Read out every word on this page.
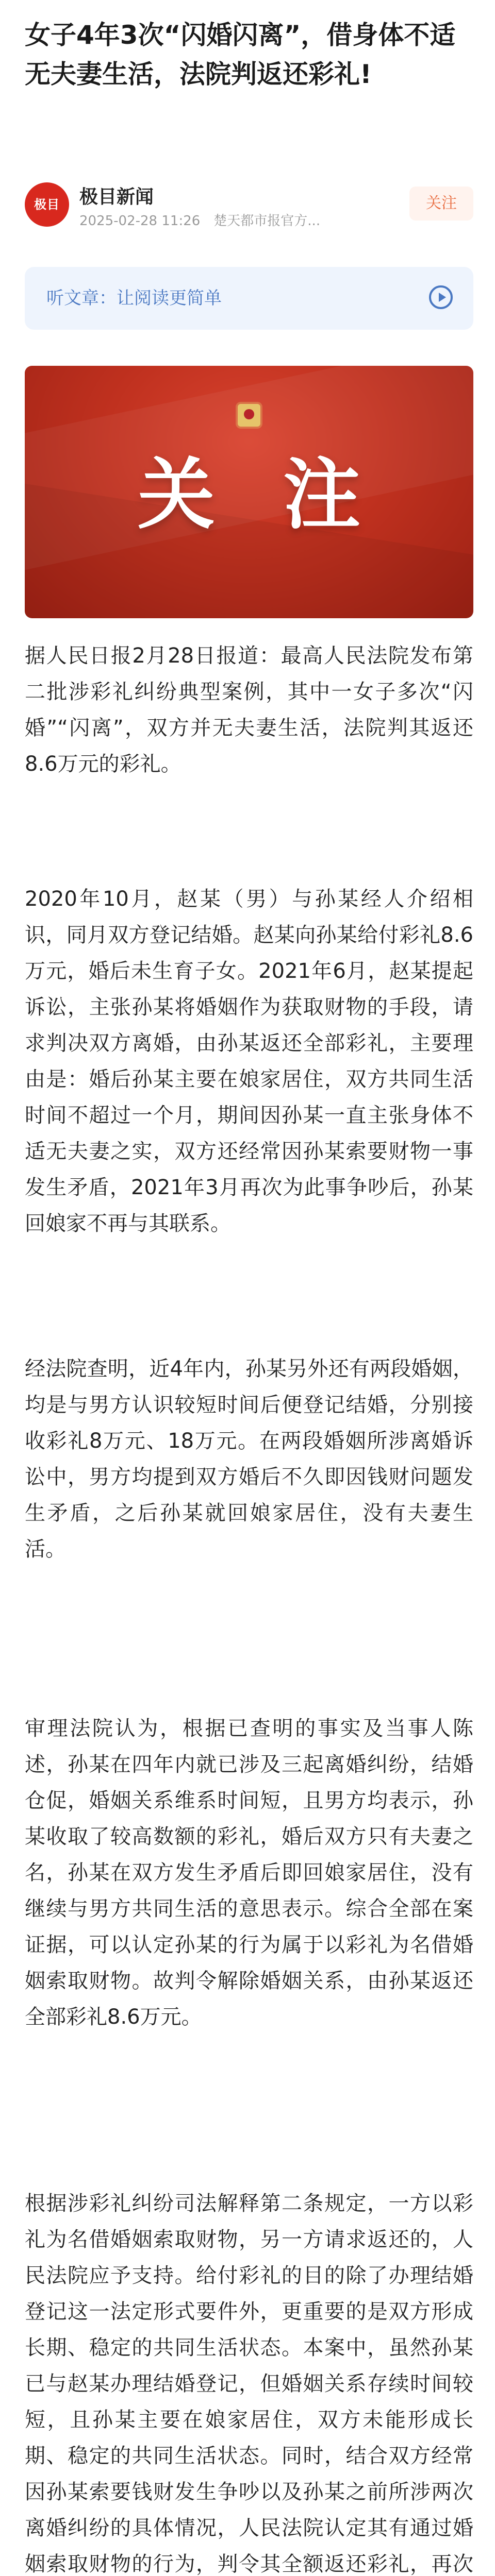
女子4年3次“闪婚闪离”，借身体不适无夫妻生活，法院判返还彩礼!
极目	极目新闻
2025-02-28 11:26 楚天都市报官方...
关注
听文章：让阅读更简单
关 注

据人民日报2月28日报道：最高人民法院发布第二批涉彩礼纠纷典型案例，其中一女子多次“闪婚”“闪离”，双方并无夫妻生活，法院判其返还8.6万元的彩礼。

2020年10月，赵某（男）与孙某经人介绍相识，同月双方登记结婚。赵某向孙某给付彩礼8.6万元，婚后未生育子女。2021年6月，赵某提起诉讼，主张孙某将婚姻作为获取财物的手段，请求判决双方离婚，由孙某返还全部彩礼，主要理由是：婚后孙某主要在娘家居住，双方共同生活时间不超过一个月，期间因孙某一直主张身体不适无夫妻之实，双方还经常因孙某索要财物一事发生矛盾，2021年3月再次为此事争吵后，孙某回娘家不再与其联系。

经法院查明，近4年内，孙某另外还有两段婚姻，均是与男方认识较短时间后便登记结婚，分别接收彩礼8万元、18万元。在两段婚姻所涉离婚诉讼中，男方均提到双方婚后不久即因钱财问题发生矛盾，之后孙某就回娘家居住，没有夫妻生活。

审理法院认为，根据已查明的事实及当事人陈述，孙某在四年内就已涉及三起离婚纠纷，结婚仓促，婚姻关系维系时间短，且男方均表示，孙某收取了较高数额的彩礼，婚后双方只有夫妻之名，孙某在双方发生矛盾后即回娘家居住，没有继续与男方共同生活的意思表示。综合全部在案证据，可以认定孙某的行为属于以彩礼为名借婚姻索取财物。故判令解除婚姻关系，由孙某返还全部彩礼8.6万元。

根据涉彩礼纠纷司法解释第二条规定，一方以彩礼为名借婚姻索取财物，另一方请求返还的，人民法院应予支持。给付彩礼的目的除了办理结婚登记这一法定形式要件外，更重要的是双方形成长期、稳定的共同生活状态。本案中，虽然孙某已与赵某办理结婚登记，但婚姻关系存续时间较短，且孙某主要在娘家居住，双方未能形成长期、稳定的共同生活状态。同时，结合双方经常因孙某索要钱财发生争吵以及孙某之前所涉两次离婚纠纷的具体情况，人民法院认定其有通过婚姻索取财物的行为，判令其全额返还彩礼，再次
